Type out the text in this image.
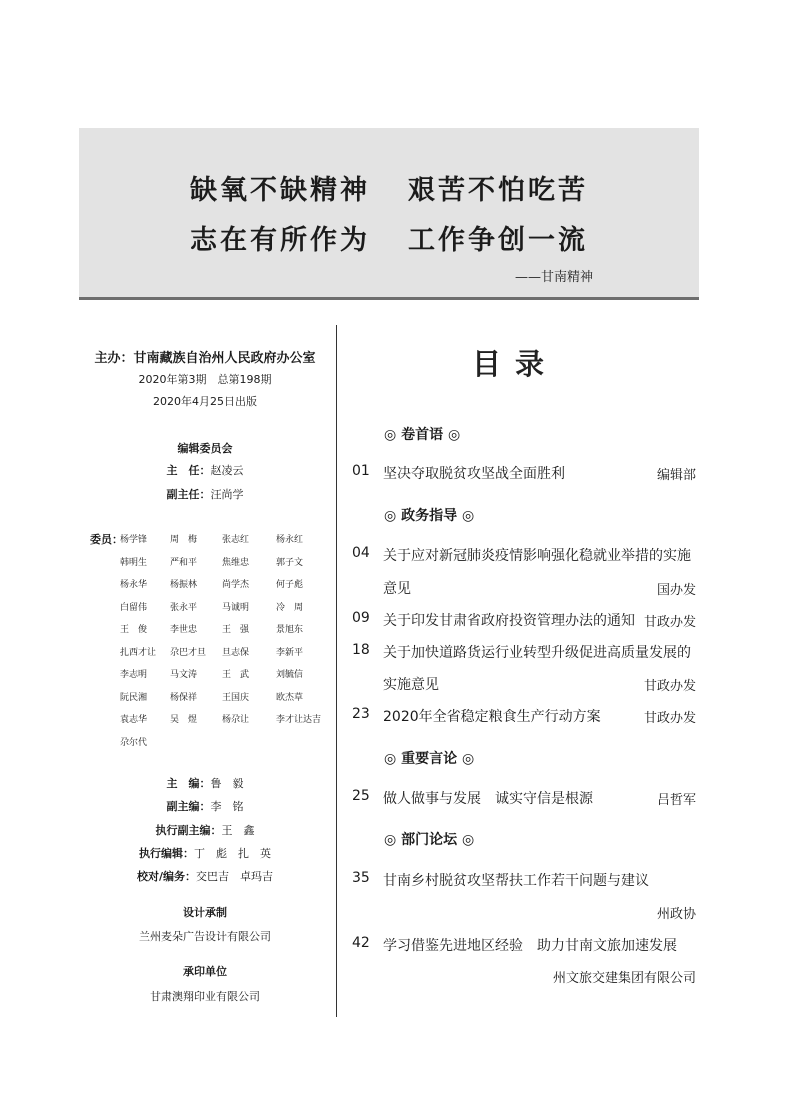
缺氧不缺精神 艰苦不怕吃苦
志在有所作为 工作争创一流
——甘南精神
主办：甘南藏族自治州人民政府办公室
2020年第3期　总第198期
2020年4月25日出版
编辑委员会
主　任：赵凌云
副主任：汪尚学
委员：
杨学锋	周　梅	张志红	杨永红
韩明生	严和平	焦维忠	郭子文
杨永华	杨振林	尚学杰	何子彪
白留伟	张永平	马诚明	冷　周
王　俊	李世忠	王　强	景旭东
扎西才让 尕巴才旦 旦志保	李新平
李志明	马文涛	王　武	刘毓信
阮民湘	杨保祥	王国庆	欧杰草
袁志华	吴　煜	杨尕让	李才让达吉
尕尔代
主　编：鲁　毅
副主编：李　铭
执行副主编：王　鑫
执行编辑：丁　彪　扎　英
校对/编务：交巴吉　卓玛吉
设计承制
兰州麦朵广告设计有限公司
承印单位
甘肃澳翔印业有限公司
目录
◎ 卷首语 ◎
01 坚决夺取脱贫攻坚战全面胜利	编辑部
◎ 政务指导 ◎
04 关于应对新冠肺炎疫情影响强化稳就业举措的实施
意见	国办发
09 关于印发甘肃省政府投资管理办法的通知 甘政办发
18 关于加快道路货运行业转型升级促进高质量发展的
实施意见	甘政办发
23 2020年全省稳定粮食生产行动方案	甘政办发
◎ 重要言论 ◎
25 做人做事与发展　诚实守信是根源	吕哲军
◎ 部门论坛 ◎
35 甘南乡村脱贫攻坚帮扶工作若干问题与建议
州政协
42 学习借鉴先进地区经验　助力甘南文旅加速发展
州文旅交建集团有限公司
